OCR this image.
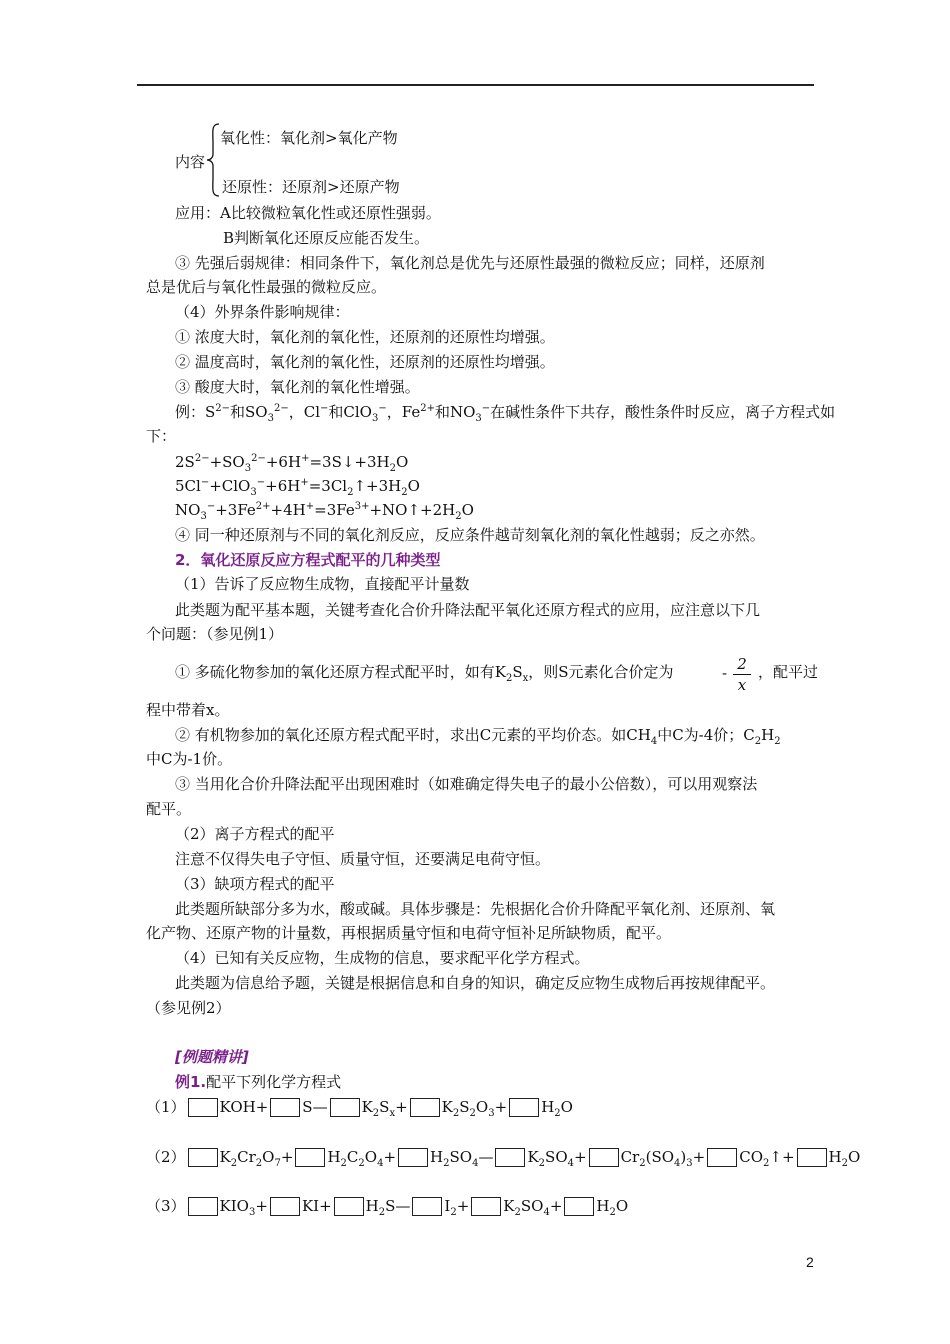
内容
氧化性：氧化剂>氧化产物
还原性：还原剂>还原产物
应用：A比较微粒氧化性或还原性强弱。
B判断氧化还原反应能否发生。
③ 先强后弱规律：相同条件下，氧化剂总是优先与还原性最强的微粒反应；同样，还原剂
总是优后与氧化性最强的微粒反应。
（4）外界条件影响规律：
① 浓度大时，氧化剂的氧化性，还原剂的还原性均增强。
② 温度高时，氧化剂的氧化性，还原剂的还原性均增强。
③ 酸度大时，氧化剂的氧化性增强。
例：$S^{2-}$和$SO_3^{2-}$，Cl−和ClO$_3$−，$Fe^{2+}$和$NO_3^-$在碱性条件下共存，酸性条件时反应，离子方程式如
下：
$2S^{2-}+SO_3^{2-}+6H^+=3S↓+3H_2O$
$5Cl^-+ClO_3^-+6H^+=3Cl_2↑+3H_2O$
$NO_3^-+3Fe^{2+}+4H^+=3Fe^{3+}+NO↑+2H_2O$
④ 同一种还原剂与不同的氧化剂反应，反应条件越苛刻氧化剂的氧化性越弱；反之亦然。
2．氧化还原反应方程式配平的几种类型
（1）告诉了反应物生成物，直接配平计量数
此类题为配平基本题，关键考查化合价升降法配平氧化还原方程式的应用，应注意以下几
个问题：（参见例1）
① 多硫化物参加的氧化还原方程式配平时，如有$K_2S_x$，则S元素化合价定为	- 2
x
，配平过
程中带着x。
② 有机物参加的氧化还原方程式配平时，求出C元素的平均价态。如$CH_4$中C为-4价；$C_2H_2$
中C为-1价。
③ 当用化合价升降法配平出现困难时（如难确定得失电子的最小公倍数），可以用观察法
配平。
（2）离子方程式的配平
注意不仅得失电子守恒、质量守恒，还要满足电荷守恒。
（3）缺项方程式的配平
此类题所缺部分多为水，酸或碱。具体步骤是：先根据化合价升降配平氧化剂、还原剂、氧
化产物、还原产物的计量数，再根据质量守恒和电荷守恒补足所缺物质，配平。
（4）已知有关反应物，生成物的信息，要求配平化学方程式。
此类题为信息给予题，关键是根据信息和自身的知识，确定反应物生成物后再按规律配平。
（参见例2）
[例题精讲]
例1.配平下列化学方程式
（1） KOH+ S— $K_2S_x+ K_2S_2O_3+ H_2O$
（2） $K_2Cr_2O_7+ H_2C_2O_4+$ $H_2SO_4—$ $K_2SO_4+ Cr_2(SO_4)_3+$ $CO_2↑+ H_2O$
（3） $KIO_3+ KI+$ $H_2S—$ $I_2+ K_2SO_4+ H_2O$
2
